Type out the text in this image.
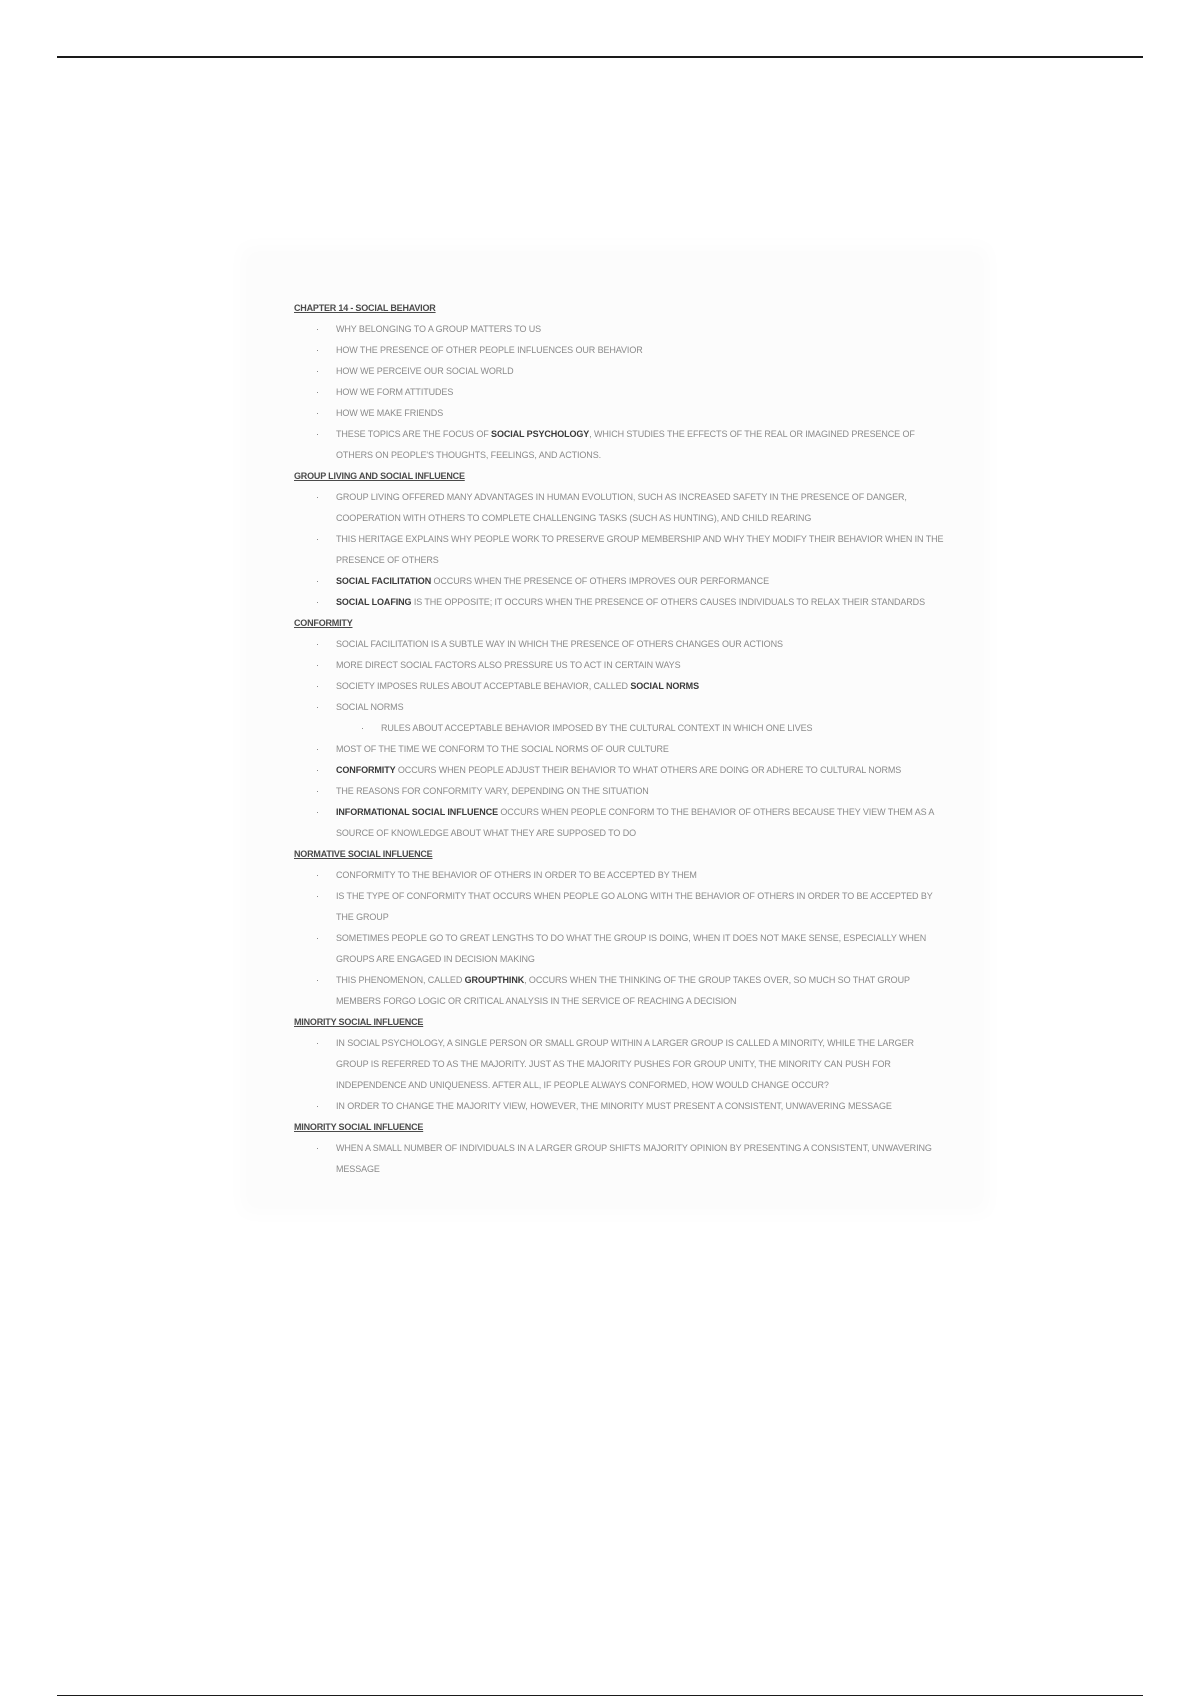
CHAPTER 14 - SOCIAL BEHAVIOR
· WHY BELONGING TO A GROUP MATTERS TO US
· HOW THE PRESENCE OF OTHER PEOPLE INFLUENCES OUR BEHAVIOR
· HOW WE PERCEIVE OUR SOCIAL WORLD
· HOW WE FORM ATTITUDES
· HOW WE MAKE FRIENDS
· THESE TOPICS ARE THE FOCUS OF SOCIAL PSYCHOLOGY, WHICH STUDIES THE EFFECTS OF THE REAL OR IMAGINED PRESENCE OF OTHERS ON PEOPLE'S THOUGHTS, FEELINGS, AND ACTIONS.
GROUP LIVING AND SOCIAL INFLUENCE
· GROUP LIVING OFFERED MANY ADVANTAGES IN HUMAN EVOLUTION, SUCH AS INCREASED SAFETY IN THE PRESENCE OF DANGER, COOPERATION WITH OTHERS TO COMPLETE CHALLENGING TASKS (SUCH AS HUNTING), AND CHILD REARING
· THIS HERITAGE EXPLAINS WHY PEOPLE WORK TO PRESERVE GROUP MEMBERSHIP AND WHY THEY MODIFY THEIR BEHAVIOR WHEN IN THE PRESENCE OF OTHERS
· SOCIAL FACILITATION OCCURS WHEN THE PRESENCE OF OTHERS IMPROVES OUR PERFORMANCE
· SOCIAL LOAFING IS THE OPPOSITE; IT OCCURS WHEN THE PRESENCE OF OTHERS CAUSES INDIVIDUALS TO RELAX THEIR STANDARDS
CONFORMITY
· SOCIAL FACILITATION IS A SUBTLE WAY IN WHICH THE PRESENCE OF OTHERS CHANGES OUR ACTIONS
· MORE DIRECT SOCIAL FACTORS ALSO PRESSURE US TO ACT IN CERTAIN WAYS
· SOCIETY IMPOSES RULES ABOUT ACCEPTABLE BEHAVIOR, CALLED SOCIAL NORMS
· SOCIAL NORMS
· RULES ABOUT ACCEPTABLE BEHAVIOR IMPOSED BY THE CULTURAL CONTEXT IN WHICH ONE LIVES
· MOST OF THE TIME WE CONFORM TO THE SOCIAL NORMS OF OUR CULTURE
· CONFORMITY OCCURS WHEN PEOPLE ADJUST THEIR BEHAVIOR TO WHAT OTHERS ARE DOING OR ADHERE TO CULTURAL NORMS
· THE REASONS FOR CONFORMITY VARY, DEPENDING ON THE SITUATION
· INFORMATIONAL SOCIAL INFLUENCE OCCURS WHEN PEOPLE CONFORM TO THE BEHAVIOR OF OTHERS BECAUSE THEY VIEW THEM AS A SOURCE OF KNOWLEDGE ABOUT WHAT THEY ARE SUPPOSED TO DO
NORMATIVE SOCIAL INFLUENCE
· CONFORMITY TO THE BEHAVIOR OF OTHERS IN ORDER TO BE ACCEPTED BY THEM
· IS THE TYPE OF CONFORMITY THAT OCCURS WHEN PEOPLE GO ALONG WITH THE BEHAVIOR OF OTHERS IN ORDER TO BE ACCEPTED BY THE GROUP
· SOMETIMES PEOPLE GO TO GREAT LENGTHS TO DO WHAT THE GROUP IS DOING, WHEN IT DOES NOT MAKE SENSE, ESPECIALLY WHEN GROUPS ARE ENGAGED IN DECISION MAKING
· THIS PHENOMENON, CALLED GROUPTHINK, OCCURS WHEN THE THINKING OF THE GROUP TAKES OVER, SO MUCH SO THAT GROUP MEMBERS FORGO LOGIC OR CRITICAL ANALYSIS IN THE SERVICE OF REACHING A DECISION
MINORITY SOCIAL INFLUENCE
· IN SOCIAL PSYCHOLOGY, A SINGLE PERSON OR SMALL GROUP WITHIN A LARGER GROUP IS CALLED A MINORITY, WHILE THE LARGER GROUP IS REFERRED TO AS THE MAJORITY. JUST AS THE MAJORITY PUSHES FOR GROUP UNITY, THE MINORITY CAN PUSH FOR INDEPENDENCE AND UNIQUENESS. AFTER ALL, IF PEOPLE ALWAYS CONFORMED, HOW WOULD CHANGE OCCUR?
· IN ORDER TO CHANGE THE MAJORITY VIEW, HOWEVER, THE MINORITY MUST PRESENT A CONSISTENT, UNWAVERING MESSAGE
MINORITY SOCIAL INFLUENCE
· WHEN A SMALL NUMBER OF INDIVIDUALS IN A LARGER GROUP SHIFTS MAJORITY OPINION BY PRESENTING A CONSISTENT, UNWAVERING MESSAGE
